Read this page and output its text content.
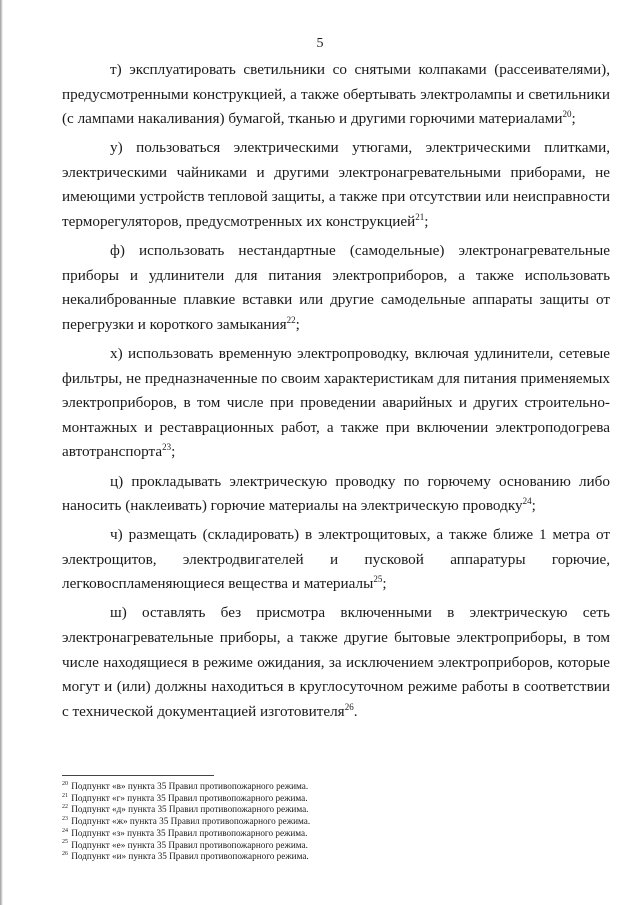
5

т) эксплуатировать светильники со снятыми колпаками (рассеивателями), предусмотренными конструкцией, а также обертывать электролампы и светильники (с лампами накаливания) бумагой, тканью и другими горючими материалами$^{20}$;

у) пользоваться электрическими утюгами, электрическими плитками, электрическими чайниками и другими электронагревательными приборами, не имеющими устройств тепловой защиты, а также при отсутствии или неисправности терморегуляторов, предусмотренных их конструкцией$^{21}$;

ф) использовать нестандартные (самодельные) электронагревательные приборы и удлинители для питания электроприборов, а также использовать некалиброванные плавкие вставки или другие самодельные аппараты защиты от перегрузки и короткого замыкания$^{22}$;

х) использовать временную электропроводку, включая удлинители, сетевые фильтры, не предназначенные по своим характеристикам для питания применяемых электроприборов, в том числе при проведении аварийных и других строительно-монтажных и реставрационных работ, а также при включении электроподогрева автотранспорта$^{23}$;

ц) прокладывать электрическую проводку по горючему основанию либо наносить (наклеивать) горючие материалы на электрическую проводку$^{24}$;

ч) размещать (складировать) в электрощитовых, а также ближе 1 метра от электрощитов, электродвигателей и пусковой аппаратуры горючие, легковоспламеняющиеся вещества и материалы$^{25}$;

ш) оставлять без присмотра включенными в электрическую сеть электронагревательные приборы, а также другие бытовые электроприборы, в том числе находящиеся в режиме ожидания, за исключением электроприборов, которые могут и (или) должны находиться в круглосуточном режиме работы в соответствии с технической документацией изготовителя$^{26}$.

$^{20}$ Подпункт «в» пункта 35 Правил противопожарного режима.
$^{21}$ Подпункт «г» пункта 35 Правил противопожарного режима.
$^{22}$ Подпункт «д» пункта 35 Правил противопожарного режима.
$^{23}$ Подпункт «ж» пункта 35 Правил противопожарного режима.
$^{24}$ Подпункт «з» пункта 35 Правил противопожарного режима.
$^{25}$ Подпункт «е» пункта 35 Правил противопожарного режима.
$^{26}$ Подпункт «и» пункта 35 Правил противопожарного режима.
